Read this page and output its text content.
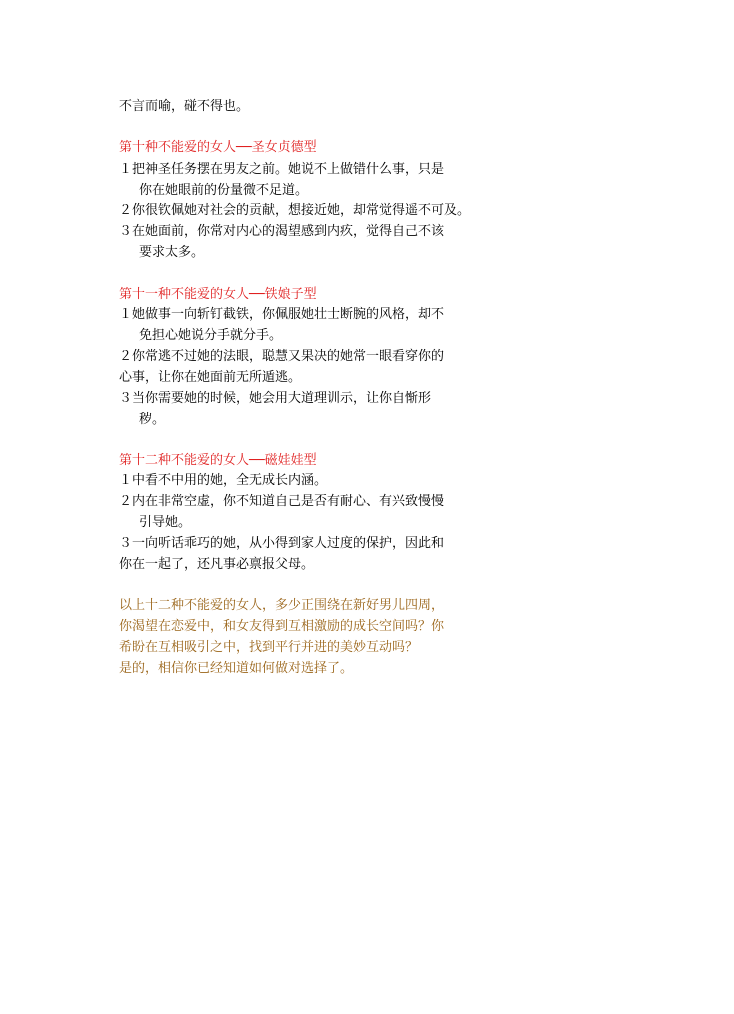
不言而喻，碰不得也。
第十种不能爱的女人──圣女贞德型
１把神圣任务摆在男友之前。她说不上做错什么事，只是
你在她眼前的份量微不足道。
２你很钦佩她对社会的贡献，想接近她，却常觉得遥不可及。
３在她面前，你常对内心的渴望感到内疚，觉得自己不该
要求太多。
第十一种不能爱的女人──铁娘子型
１她做事一向斩钉截铁，你佩服她壮士断腕的风格，却不
免担心她说分手就分手。
２你常逃不过她的法眼，聪慧又果决的她常一眼看穿你的
心事，让你在她面前无所遁逃。
３当你需要她的时候，她会用大道理训示，让你自惭形
秽。
第十二种不能爱的女人──磁娃娃型
１中看不中用的她，全无成长内涵。
２内在非常空虚，你不知道自己是否有耐心、有兴致慢慢
引导她。
３一向听话乖巧的她，从小得到家人过度的保护，因此和
你在一起了，还凡事必禀报父母。
以上十二种不能爱的女人，多少正围绕在新好男儿四周，
你渴望在恋爱中，和女友得到互相激励的成长空间吗？你
希盼在互相吸引之中，找到平行并进的美妙互动吗？
是的，相信你已经知道如何做对选择了。
